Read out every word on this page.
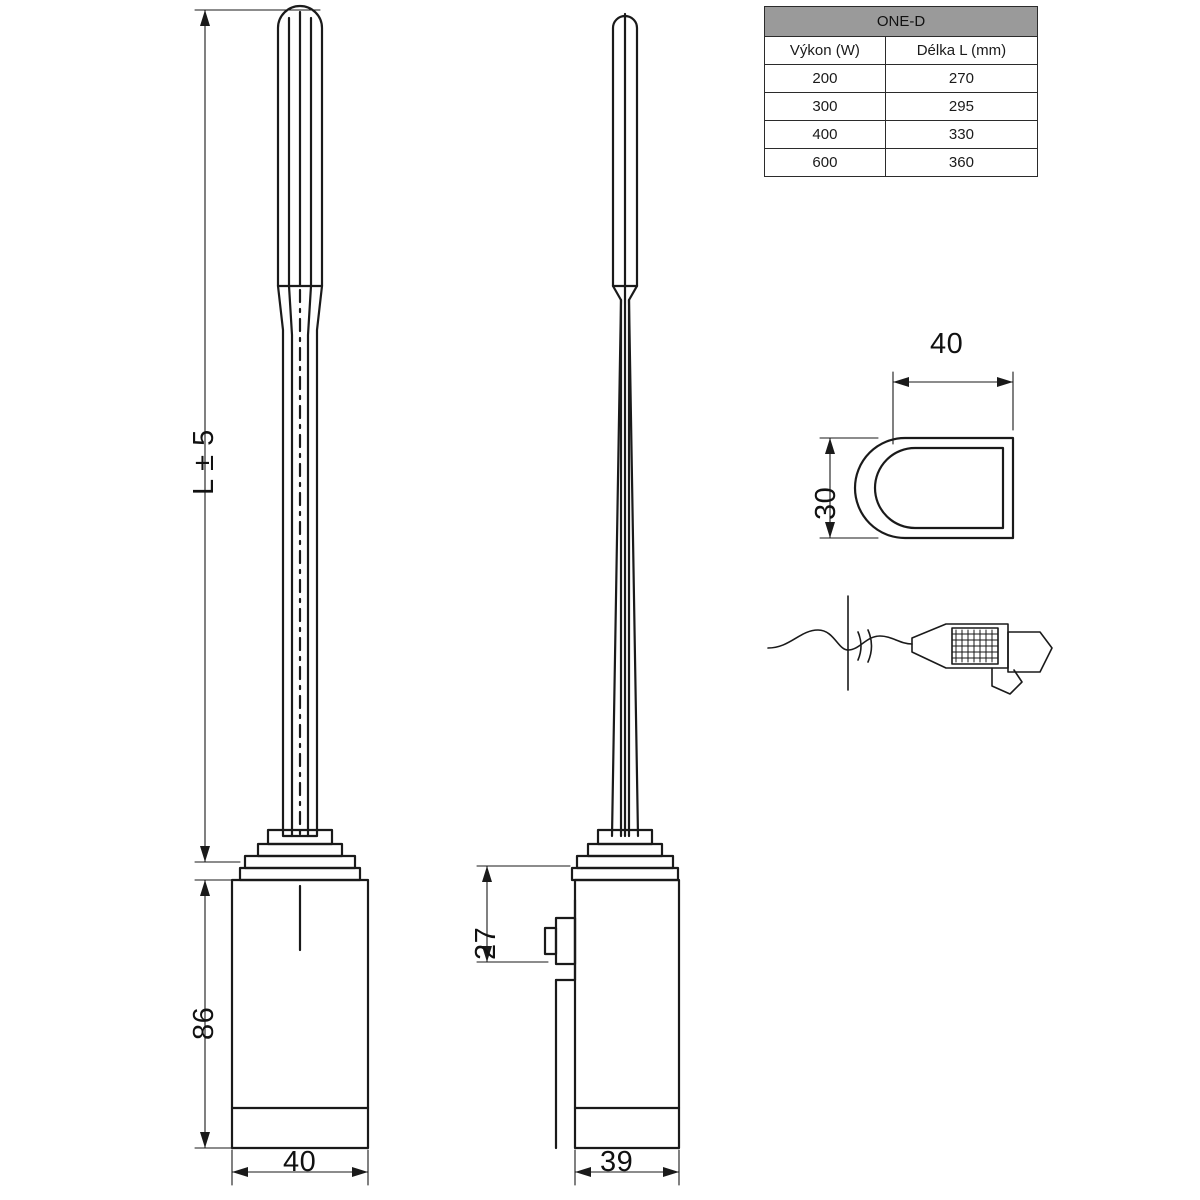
ONE-D	
Výkon (W)	Délka L (mm)
200	270
300	295
400	330
600	360
L ± 5
86
40
27
39
40
30
